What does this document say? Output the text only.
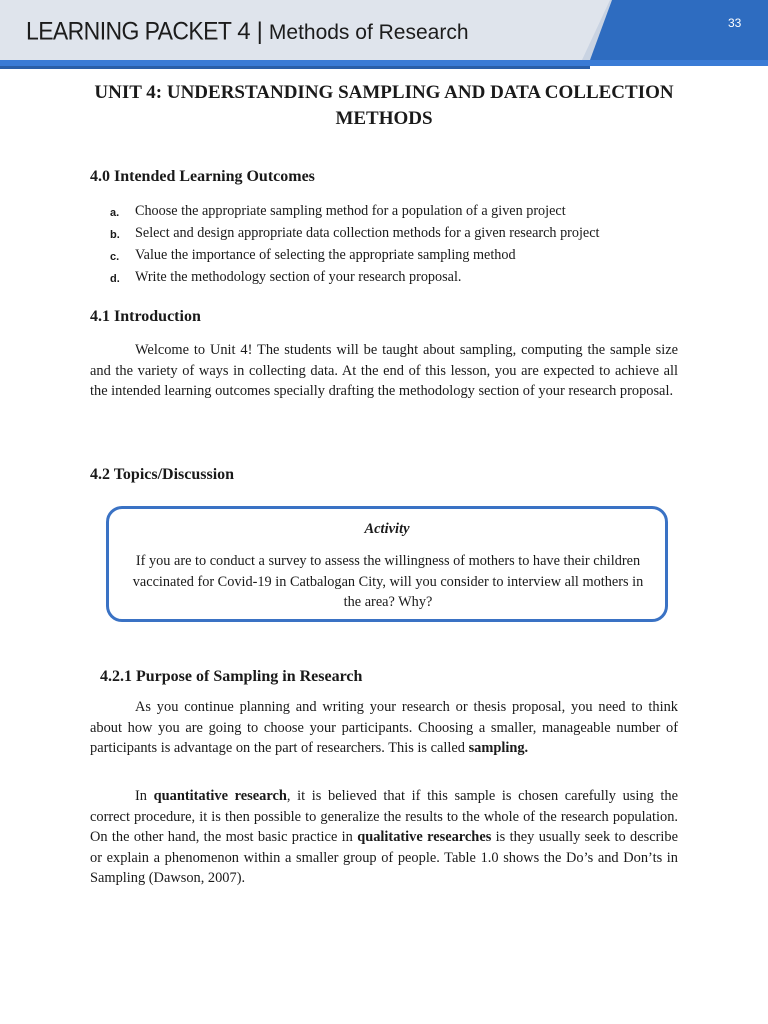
LEARNING PACKET 4 | Methods of Research	33
UNIT 4: UNDERSTANDING SAMPLING AND DATA COLLECTION METHODS
4.0 Intended Learning Outcomes
a.	Choose the appropriate sampling method for a population of a given project
b.	Select and design appropriate data collection methods for a given research project
c.	Value the importance of selecting the appropriate sampling method
d.	Write the methodology section of your research proposal.
4.1 Introduction

Welcome to Unit 4! The students will be taught about sampling, computing the sample size and the variety of ways in collecting data. At the end of this lesson, you are expected to achieve all the intended learning outcomes specially drafting the methodology section of your research proposal.

4.2 Topics/Discussion
Activity
If you are to conduct a survey to assess the willingness of mothers to have their children vaccinated for Covid-19 in Catbalogan City, will you consider to interview all mothers in the area? Why?
4.2.1 Purpose of Sampling in Research

As you continue planning and writing your research or thesis proposal, you need to think about how you are going to choose your participants. Choosing a smaller, manageable number of participants is advantage on the part of researchers. This is called sampling.

In quantitative research, it is believed that if this sample is chosen carefully using the correct procedure, it is then possible to generalize the results to the whole of the research population. On the other hand, the most basic practice in qualitative researches is they usually seek to describe or explain a phenomenon within a smaller group of people. Table 1.0 shows the Do’s and Don’ts in Sampling (Dawson, 2007).
